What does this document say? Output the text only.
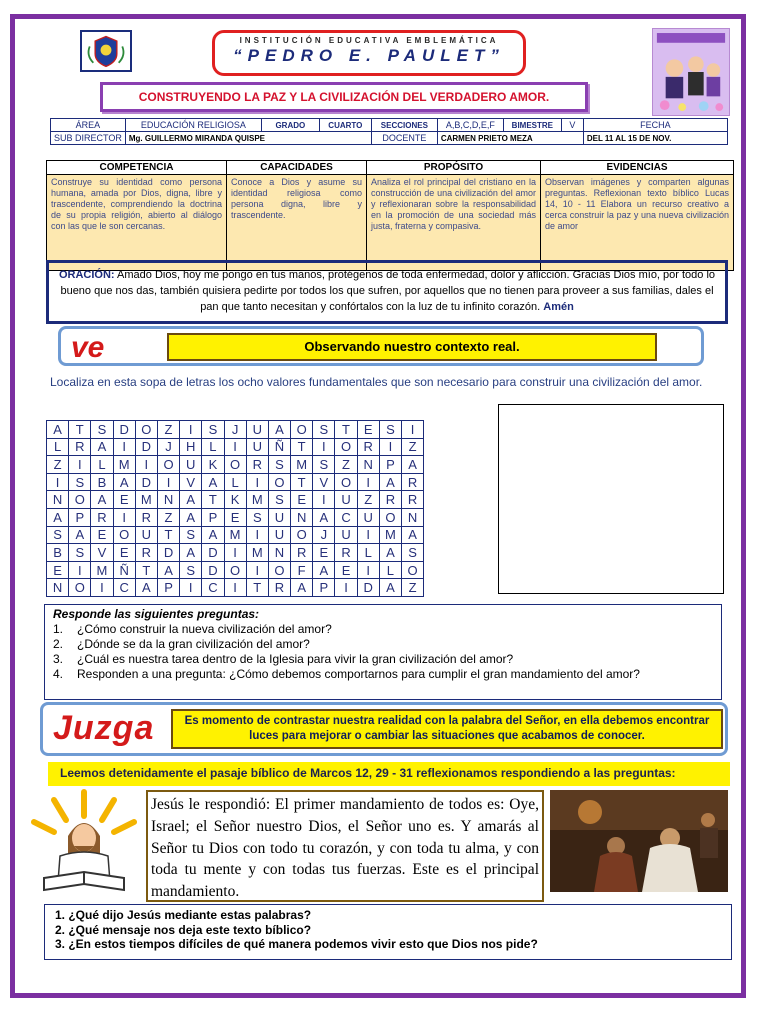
INSTITUCIÓN EDUCATIVA EMBLEMÁTICA
“PEDRO E. PAULET”
CONSTRUYENDO LA PAZ Y LA CIVILIZACIÓN DEL VERDADERO AMOR.
ÁREA	EDUCACIÓN RELIGIOSA	GRADO	CUARTO	SECCIONES	A,B,C,D,E,F	BIMESTRE	V	FECHA
SUB DIRECTOR	Mg. GUILLERMO MIRANDA QUISPE			DOCENTE	CARMEN PRIETO MEZA			DEL 11 AL 15 DE NOV.
COMPETENCIA	CAPACIDADES	PROPÓSITO	EVIDENCIAS
Construye su identidad como persona humana, amada por Dios, digna, libre y trascendente, comprendiendo la doctrina de su propia religión, abierto al diálogo con las que le son cercanas.	Conoce a Dios y asume su identidad religiosa como persona digna, libre y trascendente.	Analiza el rol principal del cristiano en la construcción de una civilización del amor y reflexionaran sobre la responsabilidad en la promoción de una sociedad más justa, fraterna y compasiva.	Observan imágenes y comparten algunas preguntas. Reflexionan texto bíblico Lucas 14, 10 - 11 Elabora un recurso creativo a cerca construir la paz y una nueva civilización de amor
ORACIÓN: Amado Dios, hoy me pongo en tus manos, protégenos de toda enfermedad, dolor y aflicción. Gracias Dios mío, por todo lo bueno que nos das, también quisiera pedirte por todos los que sufren, por aquellos que no tienen para proveer a sus familias, dales el pan que tanto necesitan y confórtalos con la luz de tu infinito corazón. Amén
ve	Observando nuestro contexto real.
Localiza en esta sopa de letras los ocho valores fundamentales que son necesario para construir una civilización del amor.
A	T	S	D	O	Z	I	S	J	U	A	O	S	T	E	S	I
L	R	A	I	D	J	H	L	I	U	Ñ	T	I	O	R	I	Z
Z	I	L	M	I	O	U	K	O	R	S	M	S	Z	N	P	A
I	S	B	A	D	I	V	A	L	I	O	T	V	O	I	A	R
N	O	A	E	M	N	A	T	K	M	S	E	I	U	Z	R	R
A	P	R	I	R	Z	A	P	E	S	U	N	A	C	U	O	N
S	A	E	O	U	T	S	A	M	I	U	O	J	U	I	M	A
B	S	V	E	R	D	A	D	I	M	N	R	E	R	L	A	S
E	I	M	Ñ	T	A	S	D	O	I	O	F	A	E	I	L	O
N	O	I	C	A	P	I	C	I	T	R	A	P	I	D	A	Z
Responde las siguientes preguntas:
1.	¿Cómo construir la nueva civilización del amor?
2.	¿Dónde se da la gran civilización del amor?
3.	¿Cuál es nuestra tarea dentro de la Iglesia para vivir la gran civilización del amor?
4.	Responden a una pregunta: ¿Cómo debemos comportarnos para cumplir el gran mandamiento del amor?
Juzga	Es momento de contrastar nuestra realidad con la palabra del Señor, en ella debemos encontrar luces para mejorar o cambiar las situaciones que acabamos de conocer.
Leemos detenidamente el pasaje bíblico de Marcos 12, 29 - 31 reflexionamos respondiendo a las preguntas:
Jesús le respondió: El primer mandamiento de todos es: Oye, Israel; el Señor nuestro Dios, el Señor uno es. Y amarás al Señor tu Dios con todo tu corazón, y con toda tu alma, y con toda tu mente y con todas tus fuerzas. Este es el principal mandamiento.
1. ¿Qué dijo Jesús mediante estas palabras?
2. ¿Qué mensaje nos deja este texto bíblico?
3. ¿En estos tiempos difíciles de qué manera podemos vivir esto que Dios nos pide?
